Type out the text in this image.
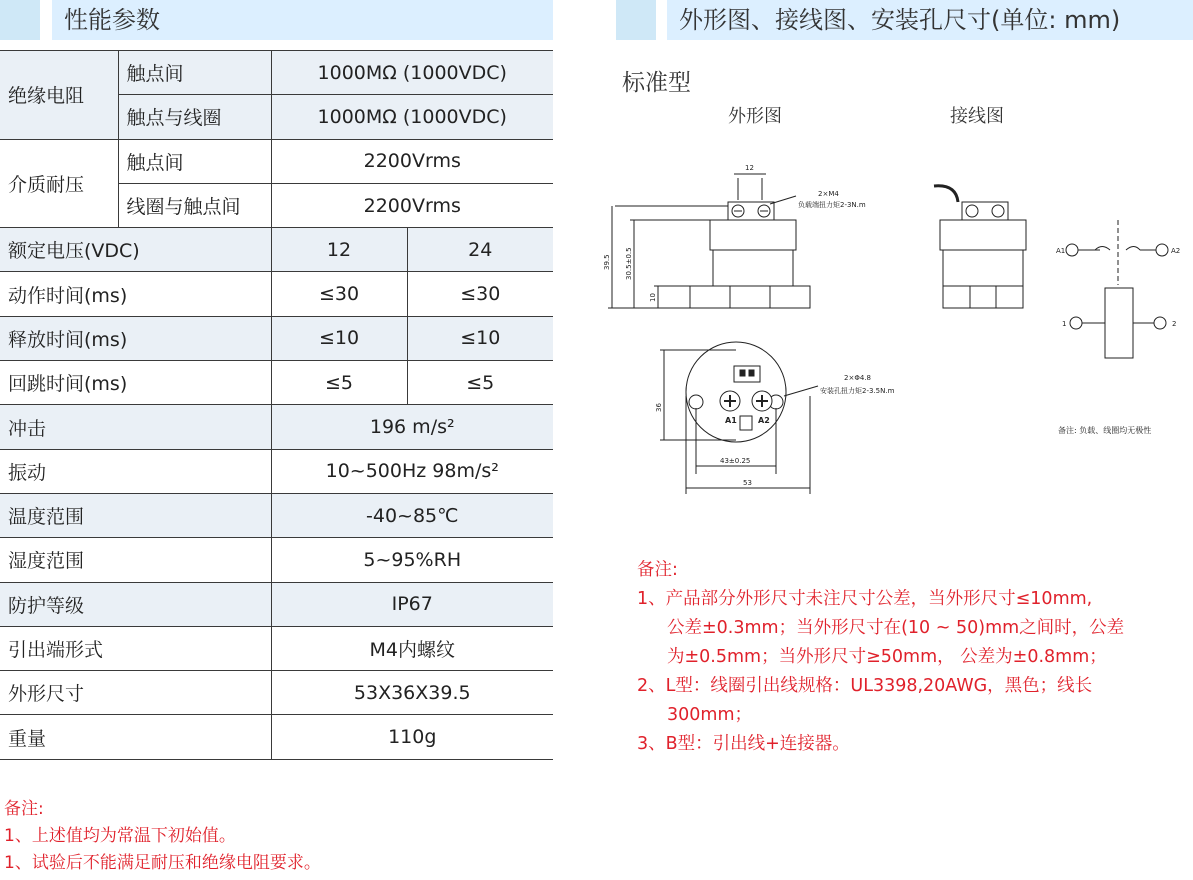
性能参数
绝缘电阻	触点间	1000MΩ (1000VDC)	
	触点与线圈	1000MΩ (1000VDC)	
介质耐压	触点间	2200Vrms	
	线圈与触点间	2200Vrms	
额定电压(VDC)		12	24
动作时间(ms)		≤30	≤30
释放时间(ms)		≤10	≤10
回跳时间(ms)		≤5	≤5
冲击		196 m/s²	
振动		10~500Hz 98m/s²	
温度范围		-40~85℃	
湿度范围		5~95%RH	
防护等级		IP67	
引出端形式		M4内螺纹	
外形尺寸		53X36X39.5	
重量		110g	
备注:
1、上述值均为常温下初始值。
1、试验后不能满足耐压和绝缘电阻要求。
外形图、接线图、安装孔尺寸(单位: mm)
标准型
外形图	接线图
12
2×M4
负载端扭力矩2-3N.m
39.5 30.5±0.5
10
2×Φ4.8
安装孔扭力矩2-3.5N.m
36
43±0.25
53
A1	A2
A1	A2
1	2
备注: 负载、线圈均无极性
备注:
1、产品部分外形尺寸未注尺寸公差，当外形尺寸≤10mm,
公差±0.3mm；当外形尺寸在(10 ~ 50)mm之间时，公差
为±0.5mm；当外形尺寸≥50mm， 公差为±0.8mm；
2、L型：线圈引出线规格：UL3398,20AWG，黑色；线长
300mm；
3、B型：引出线+连接器。
